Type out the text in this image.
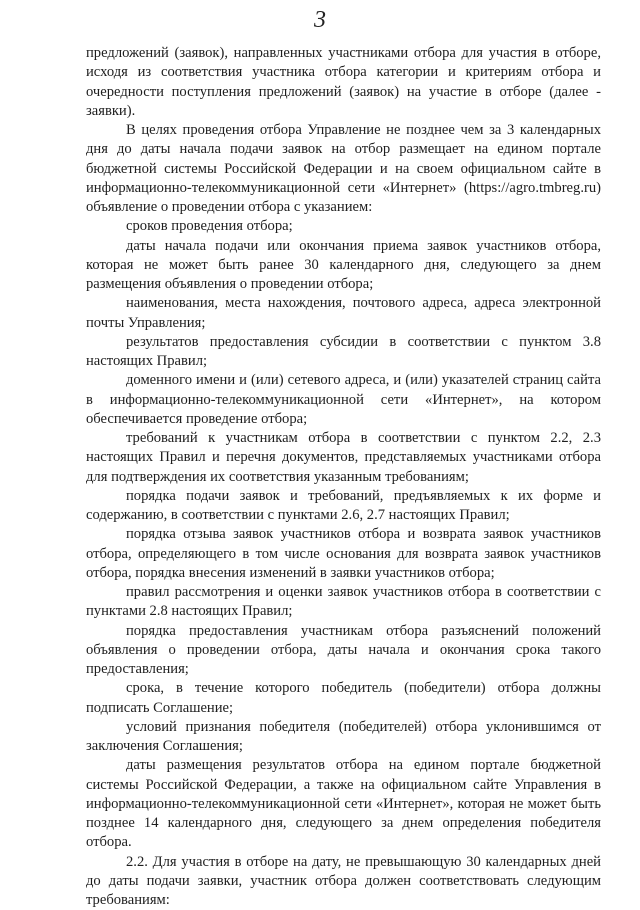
3

предложений (заявок), направленных участниками отбора для участия в отборе, исходя из соответствия участника отбора категории и критериям отбора и очередности поступления предложений (заявок) на участие в отборе (далее - заявки).

В целях проведения отбора Управление не позднее чем за 3 календарных дня до даты начала подачи заявок на отбор размещает на едином портале бюджетной системы Российской Федерации и на своем официальном сайте в информационно-телекоммуникационной сети «Интернет» (https://agro.tmbreg.ru) объявление о проведении отбора с указанием:

сроков проведения отбора;

даты начала подачи или окончания приема заявок участников отбора, которая не может быть ранее 30 календарного дня, следующего за днем размещения объявления о проведении отбора;

наименования, места нахождения, почтового адреса, адреса электронной почты Управления;

результатов предоставления субсидии в соответствии с пунктом 3.8 настоящих Правил;

доменного имени и (или) сетевого адреса, и (или) указателей страниц сайта в информационно-телекоммуникационной сети «Интернет», на котором обеспечивается проведение отбора;

требований к участникам отбора в соответствии с пунктом 2.2, 2.3 настоящих Правил и перечня документов, представляемых участниками отбора для подтверждения их соответствия указанным требованиям;

порядка подачи заявок и требований, предъявляемых к их форме и содержанию, в соответствии с пунктами 2.6, 2.7 настоящих Правил;

порядка отзыва заявок участников отбора и возврата заявок участников отбора, определяющего в том числе основания для возврата заявок участников отбора, порядка внесения изменений в заявки участников отбора;

правил рассмотрения и оценки заявок участников отбора в соответствии с пунктами 2.8 настоящих Правил;

порядка предоставления участникам отбора разъяснений положений объявления о проведении отбора, даты начала и окончания срока такого предоставления;

срока, в течение которого победитель (победители) отбора должны подписать Соглашение;

условий признания победителя (победителей) отбора уклонившимся от заключения Соглашения;

даты размещения результатов отбора на едином портале бюджетной системы Российской Федерации, а также на официальном сайте Управления в информационно-телекоммуникационной сети «Интернет», которая не может быть позднее 14 календарного дня, следующего за днем определения победителя отбора.

2.2. Для участия в отборе на дату, не превышающую 30 календарных дней до даты подачи заявки, участник отбора должен соответствовать следующим требованиям:
